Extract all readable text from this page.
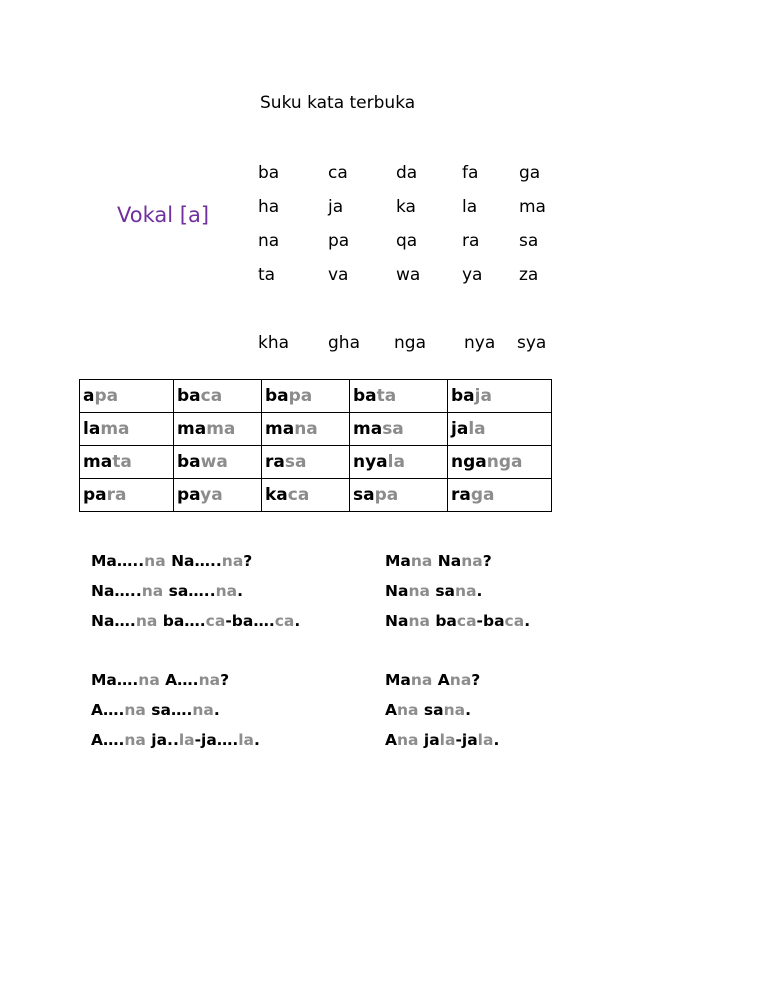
Suku kata terbuka
Vokal [a]
ba	ca	da	fa ga
ha	ja	ka	la ma
na	pa	qa	ra sa
ta	va	wa ya za
kha gha nga nya sya
apa	baca	bapa	bata	baja
lama	mama	mana	masa	jala
mata	bawa	rasa	nyala	nganga
para	paya	kaca	sapa	raga
Ma…..na Na…..na?
Na…..na sa…..na.
Na….na ba….ca-ba….ca.
Mana Nana?
Nana sana.
Nana baca-baca.
Ma….na A….na?
A….na sa….na.
A….na ja..la-ja….la.
Mana Ana?
Ana sana.
Ana jala-jala.
